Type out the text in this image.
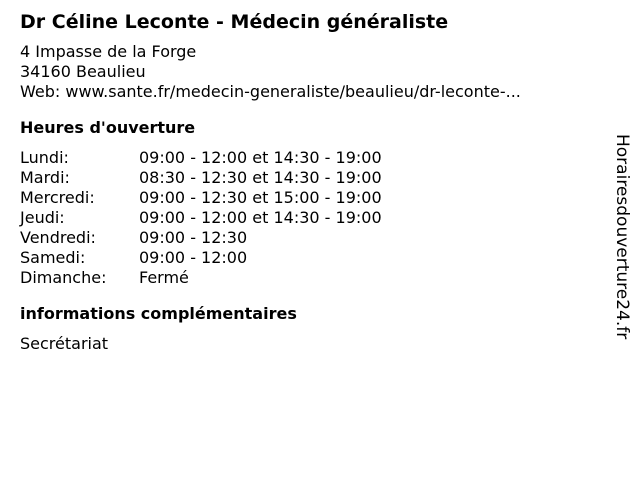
Dr Céline Leconte - Médecin généraliste
4 Impasse de la Forge
34160 Beaulieu
Web: www.sante.fr/medecin-generaliste/beaulieu/dr-leconte-...
Heures d'ouverture
Lundi:	09:00 - 12:00 et 14:30 - 19:00
Mardi:	08:30 - 12:30 et 14:30 - 19:00
Mercredi:	09:00 - 12:30 et 15:00 - 19:00
Jeudi:	09:00 - 12:00 et 14:30 - 19:00
Vendredi:	09:00 - 12:30
Samedi:	09:00 - 12:00
Dimanche:	Fermé
informations complémentaires
Secrétariat
Horairesdouverture24.fr
